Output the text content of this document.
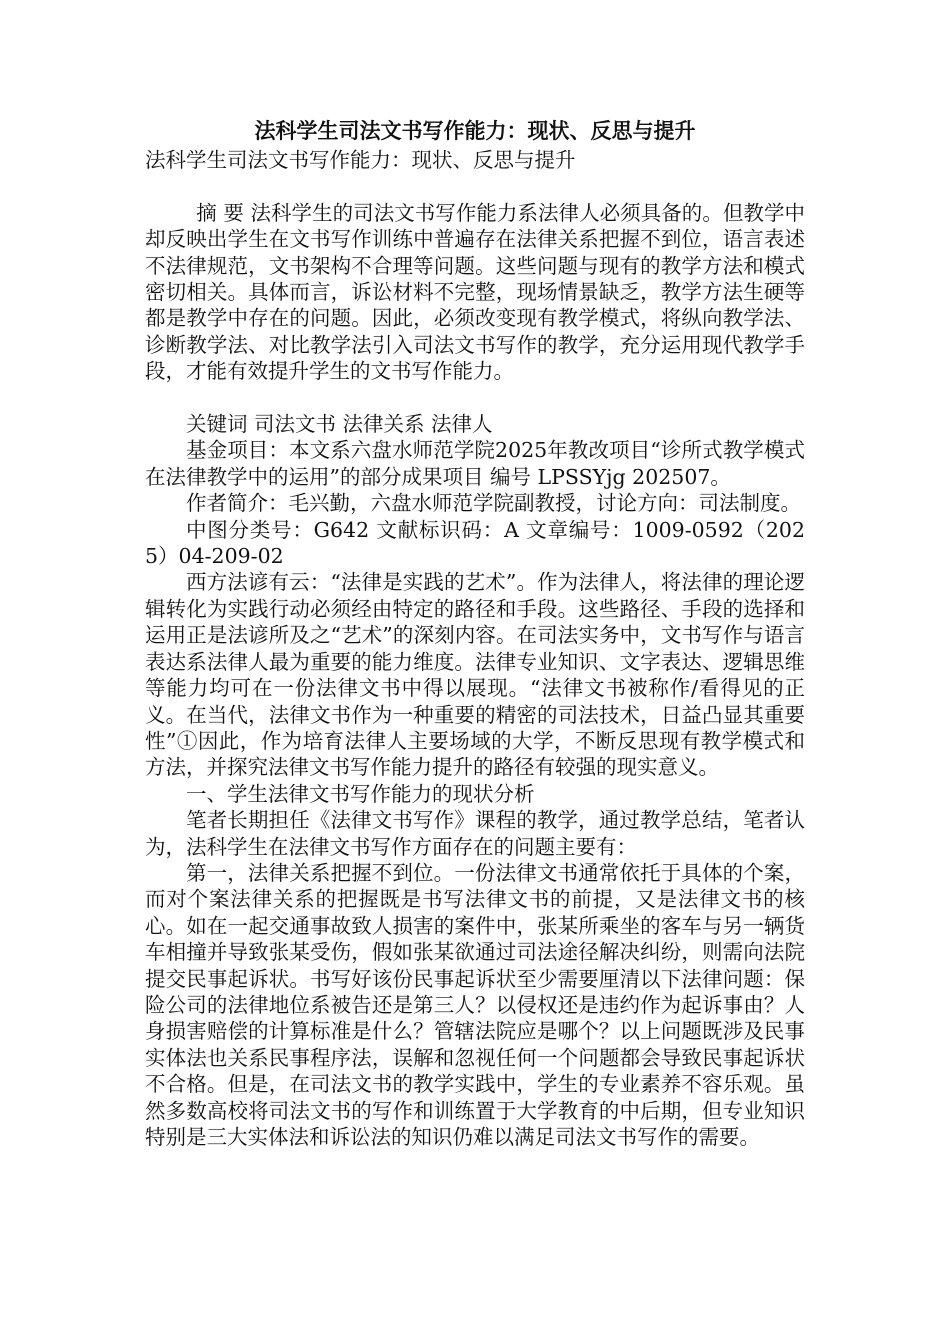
法科学生司法文书写作能力：现状、反思与提升
法科学生司法文书写作能力：现状、反思与提升

摘 要 法科学生的司法文书写作能力系法律人必须具备的。但教学中却反映出学生在文书写作训练中普遍存在法律关系把握不到位，语言表述不法律规范，文书架构不合理等问题。这些问题与现有的教学方法和模式密切相关。具体而言，诉讼材料不完整，现场情景缺乏，教学方法生硬等都是教学中存在的问题。因此，必须改变现有教学模式，将纵向教学法、诊断教学法、对比教学法引入司法文书写作的教学，充分运用现代教学手段，才能有效提升学生的文书写作能力。

关键词 司法文书 法律关系 法律人

基金项目：本文系六盘水师范学院2025年教改项目“诊所式教学模式在法律教学中的运用”的部分成果项目 编号 LPSSYjg 202507。

作者简介：毛兴勤，六盘水师范学院副教授，讨论方向：司法制度。

中图分类号：G642 文献标识码：A 文章编号：1009-0592（2025）04-209-02

西方法谚有云：“法律是实践的艺术”。作为法律人，将法律的理论逻辑转化为实践行动必须经由特定的路径和手段。这些路径、手段的选择和运用正是法谚所及之“艺术”的深刻内容。在司法实务中，文书写作与语言表达系法律人最为重要的能力维度。法律专业知识、文字表达、逻辑思维等能力均可在一份法律文书中得以展现。“法律文书被称作/看得见的正义。在当代，法律文书作为一种重要的精密的司法技术，日益凸显其重要性”①因此，作为培育法律人主要场域的大学，不断反思现有教学模式和方法，并探究法律文书写作能力提升的路径有较强的现实意义。

一、学生法律文书写作能力的现状分析

笔者长期担任《法律文书写作》课程的教学，通过教学总结，笔者认为，法科学生在法律文书写作方面存在的问题主要有：

第一，法律关系把握不到位。一份法律文书通常依托于具体的个案，而对个案法律关系的把握既是书写法律文书的前提，又是法律文书的核心。如在一起交通事故致人损害的案件中，张某所乘坐的客车与另一辆货车相撞并导致张某受伤，假如张某欲通过司法途径解决纠纷，则需向法院提交民事起诉状。书写好该份民事起诉状至少需要厘清以下法律问题：保险公司的法律地位系被告还是第三人？以侵权还是违约作为起诉事由？人身损害赔偿的计算标准是什么？管辖法院应是哪个？以上问题既涉及民事实体法也关系民事程序法，误解和忽视任何一个问题都会导致民事起诉状不合格。但是，在司法文书的教学实践中，学生的专业素养不容乐观。虽然多数高校将司法文书的写作和训练置于大学教育的中后期，但专业知识特别是三大实体法和诉讼法的知识仍难以满足司法文书写作的需要。
